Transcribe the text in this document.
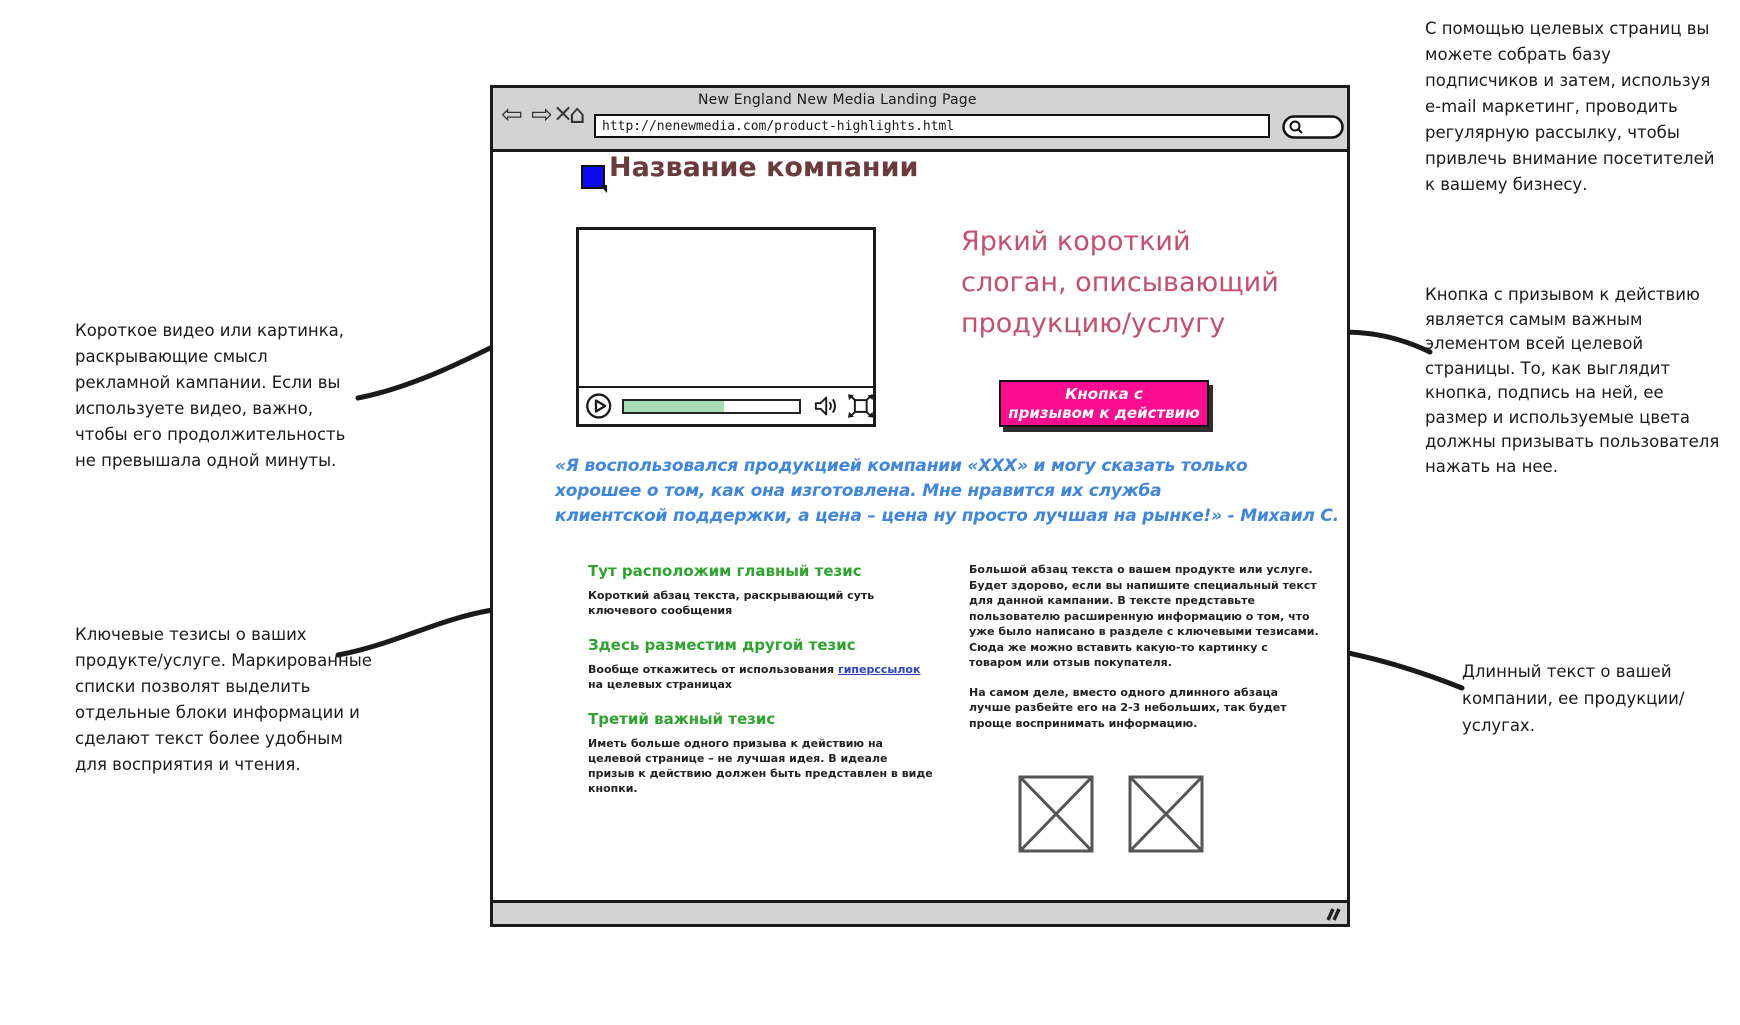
Короткое видео или картинка, раскрывающие смысл рекламной кампании. Если вы используете видео, важно, чтобы его продолжительность не превышала одной минуты.
Ключевые тезисы о ваших продукте/услуге. Маркированные списки позволят выделить отдельные блоки информации и сделают текст более удобным для восприятия и чтения.
С помощью целевых страниц вы можете собрать базу подписчиков и затем, используя e-mail маркетинг, проводить регулярную рассылку, чтобы привлечь внимание посетителей к вашему бизнесу.
Кнопка с призывом к действию является самым важным элементом всей целевой страницы. То, как выглядит кнопка, подпись на ней, ее размер и используемые цвета должны призывать пользователя нажать на нее.
Длинный текст о вашей компании, ее продукции/услугах.
New England New Media Landing Page
⇦ ⇨ ×
⌂	http://nenewmedia.com/product-highlights.html
Название компании
Яркий короткий
слоган, описывающий
продукцию/услугу
Кнопка с
призывом к действию
«Я воспользовался продукцией компании «ХХХ» и могу сказать только
хорошее о том, как она изготовлена. Мне нравится их служба
клиентской поддержки, а цена – цена ну просто лучшая на рынке!» - Михаил С.
Тут расположим главный тезис

Короткий абзац текста, раскрывающий суть ключевого сообщения

Здесь разместим другой тезис

Вообще откажитесь от использования гиперссылок на целевых страницах

Третий важный тезис

Иметь больше одного призыва к действию на целевой странице – не лучшая идея. В идеале призыв к действию должен быть представлен в виде кнопки.

Большой абзац текста о вашем продукте или услуге. Будет здорово, если вы напишите специальный текст для данной кампании. В тексте представьте пользователю расширенную информацию о том, что уже было написано в разделе с ключевыми тезисами. Сюда же можно вставить какую-то картинку с товаром или отзыв покупателя.

На самом деле, вместо одного длинного абзаца лучше разбейте его на 2-3 небольших, так будет проще воспринимать информацию.
